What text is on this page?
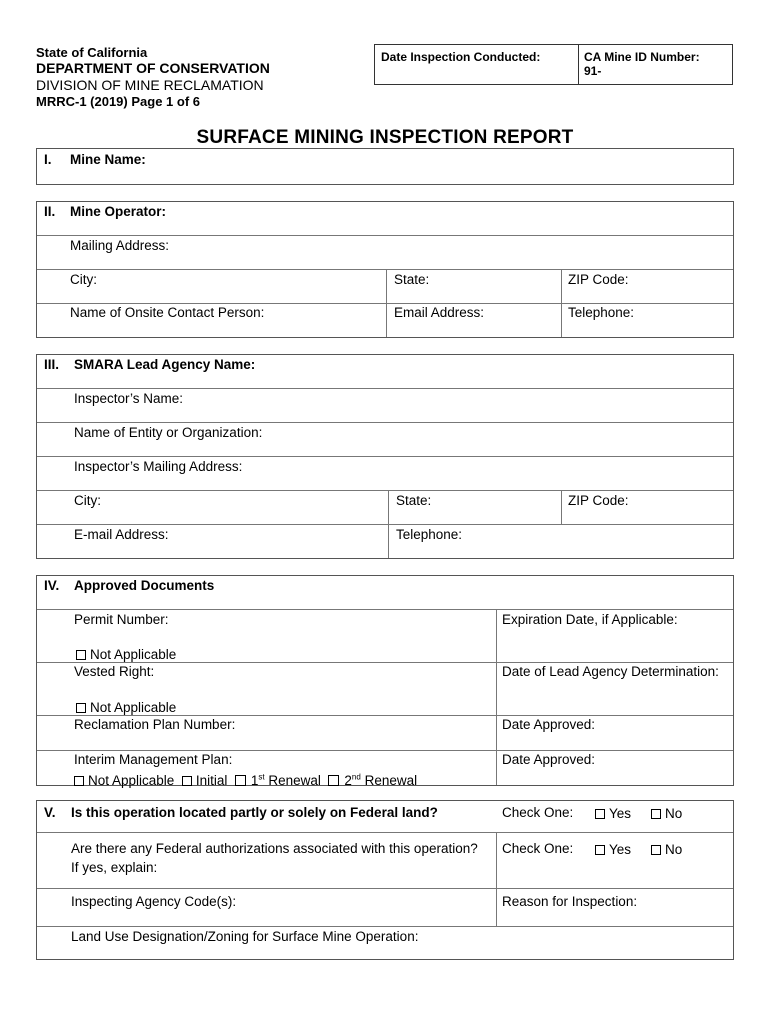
State of California
DEPARTMENT OF CONSERVATION
DIVISION OF MINE RECLAMATION
MRRC-1 (2019) Page 1 of 6
Date Inspection Conducted:	CA Mine ID Number:
91-
SURFACE MINING INSPECTION REPORT
I. Mine Name:
II. Mine Operator:
Mailing Address:
City:	State:	ZIP Code:
Name of Onsite Contact Person:	Email Address:	Telephone:
III. SMARA Lead Agency Name:
Inspector’s Name:
Name of Entity or Organization:
Inspector’s Mailing Address:
City:	State:	ZIP Code:
E-mail Address:	Telephone:
IV. Approved Documents
Permit Number:	Expiration Date, if Applicable:
Not Applicable
Vested Right:	Date of Lead Agency Determination:
Not Applicable
Reclamation Plan Number:	Date Approved:
Interim Management Plan:	Date Approved:
Not Applicable Initial 1st Renewal 2nd Renewal
V. Is this operation located partly or solely on Federal land?	Check One:	Yes	No
Are there any Federal authorizations associated with this operation?
If yes, explain:
Check One:	Yes	No
Inspecting Agency Code(s):	Reason for Inspection:
Land Use Designation/Zoning for Surface Mine Operation:
